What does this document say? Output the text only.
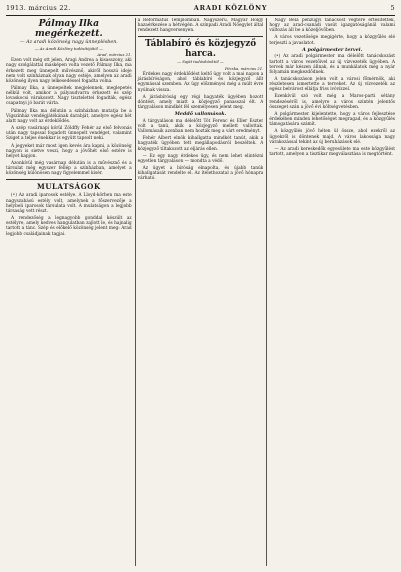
1913. március 22.	ARADI KÖZLÖNY	5
Pálmay Ilka megérkezett.
— Az aradi közönség nagy ünneplésben.
— Az Aradi Közlöny tudósítójától —
Arad, március 21.

Ezen volt még ott jelen, Aragi Andrea a kisasszony, aki nagy szolgálattal másképen volta vezető Pálmay Ilka, ma érkezett meg ünnepelt művésznő, akiről hosszú ideje nem volt színháznak olyan nagy estéje, amelyen az aradi közönség ilyen nagy lelkesedéssel fogadta volna.

Pálmay Ilka, a ünnepeltek megjelennek, meglepetés nélkül volt, amikor a pályaudvarra érkezett és szép lovaskocsi várakozott. Nagy tisztelettel fogadták, egész csapatnyi jó barát várta.

Pálmay Ilka ma délután a színházban mutatja be a Vígszínház vendégjátékának darabját, amelyre egész hét alatt nagy volt az érdeklődés.

A szép vasárnapi körül Zöldffy Fehér az első felvonás után nagy tapssal fogadott ünnepelt vendéget, valamint Sziget a teljes énekkar is együtt tapsolt neki.

A jegyeket már most igen kevés ára kapni, a közönség nagyon is sietve veszi, hogy a jövőhét első estére is helyet kapjon.

Azonkívül még vasárnap délután is a művésznő és a társulat még egyszer fellép a színházban, amelyet a közönség különösen nagy figyelemmel kísér.

MULATSÁGOK

(•) Az aradi iparosok estélye. A Lloyd-körben ma este nagyszabású estély volt, amelynek a főszervezője a helybeli iparosok társulata volt. A mulatságon a legjobb társaság vett részt.

A rendezőség a legnagyobb gonddal készült az estélyre, amely kedves hangulatban zajlott le, és hajnalig tartott a tánc. Szép és előkelő közönség jelent meg: Arad legjobb családjainak tagjai.

a Református Templomban. Nagyszerű, Magyar Hölgy hazaérkezése a hétvégén. A színpadi Aradi Nőegylet által rendezett hangversenyen.

Táblabíró és közjegyző harca.
— Saját tudósítónktól —
Pécska, március 21.

Érdekes nagy érdeklődést keltő ügy volt a mai napon a járásbíróságon, ahol táblabíró és közjegyző állt egymással szemben. Az ügy előzményei még a múlt évre nyúlnak vissza.

A járásbíróság egy régi hagyaték ügyében hozott döntést, amely miatt a közjegyző panasszal élt. A tárgyaláson mindkét fél személyesen jelent meg.

Meddő vallomások.

A tárgyaláson ma délelőtt Tót Ferenc és Eller Eszter volt a tanú, akik a közjegyző mellett vallottak. Vallomásaik azonban nem hozták meg a várt eredményt.

Fehér Albert elnök kihallgatta mindkét tanút, akik a hagyaték ügyében tett megállapodásról beszéltek. A közjegyző tiltakozott az eljárás ellen.

— Ez egy nagy érdekes ügy, és nem lehet elintézni egyetlen tárgyaláson — mondta a védő.

Az ügyet a bíróság elnapolta, és újabb tanúk kihallgatását rendelte el. Az ítélethozatal a jövő hónapra várható.

Nagy Béla pénzügyi tanácsost végtére értesítették, hogy az arad-csanádi vasút igazgatóságánál valami változás áll be a közeljövőben.

A város vezetősége megígérte, hogy a közgyűlés elé terjeszti a javaslatot.

A polgármester tervei.

(•) Az aradi polgármester ma délelőtt tanácskozást tartott a város vezetőivel az új vízvezeték ügyében. A tervek már készen állnak, és a munkálatok még a nyár folyamán megkezdődnek.

A tanácskozáson jelen volt a városi főmérnök, aki részletesen ismertette a terveket. Az új vízvezeték az egész belvárost ellátja friss ivóvízzel.

Ezenkívül szó volt még a Maros-parti sétány rendezéséről is, amelyre a város szintén jelentős összeget szán a jövő évi költségvetésben.

A polgármester kijelentette, hogy a város fejlesztése érdekében minden lehetőséget megragad, és a közgyűlés támogatására számít.

A közgyűlés jövő héten ül össze, ahol ezekről az ügyekről is döntenek majd. A város lakossága nagy várakozással tekint az új beruházások elé.

— Az aradi kereskedők egyesülete ma este közgyűlést tartott, amelyen a tisztikar megválasztása is megtörtént.
